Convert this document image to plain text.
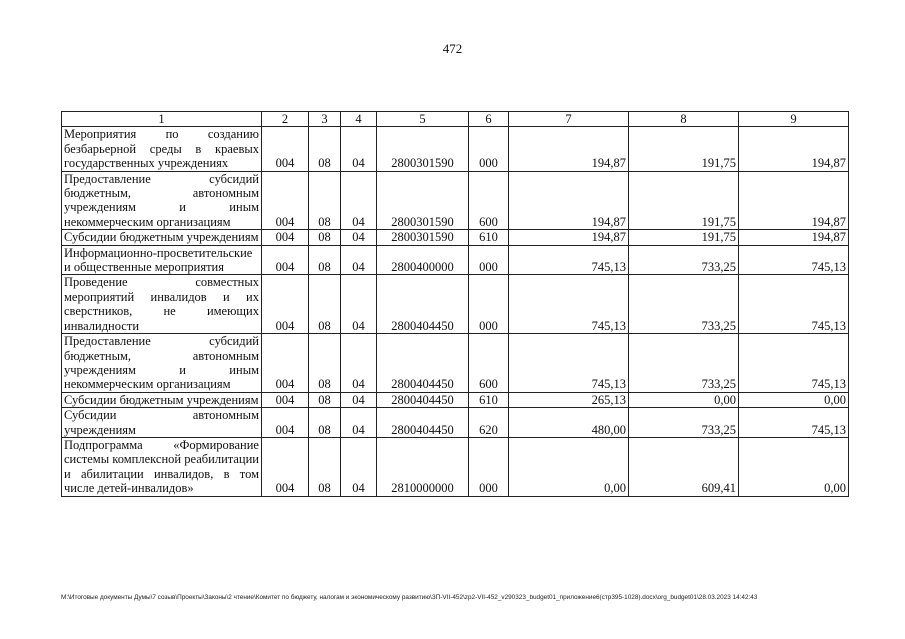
472
1	2	3	4	5	6	7	8	9
Мероприятия по созданию безбарьерной среды в краевых государственных учреждениях	004	08	04	2800301590	000	194,87	191,75	194,87
Предоставление субсидий бюджетным, автономным учреждениям и иным некоммерческим организациям	004	08	04	2800301590	600	194,87	191,75	194,87
Субсидии бюджетным учреждениям	004	08	04	2800301590	610	194,87	191,75	194,87
Информационно-просветительские и общественные мероприятия	004	08	04	2800400000	000	745,13	733,25	745,13
Проведение совместных мероприятий инвалидов и их сверстников, не имеющих инвалидности	004	08	04	2800404450	000	745,13	733,25	745,13
Предоставление субсидий бюджетным, автономным учреждениям и иным некоммерческим организациям	004	08	04	2800404450	600	745,13	733,25	745,13
Субсидии бюджетным учреждениям	004	08	04	2800404450	610	265,13	0,00	0,00
Субсидии автономным учреждениям	004	08	04	2800404450	620	480,00	733,25	745,13
Подпрограмма «Формирование системы комплексной реабилитации и абилитации инвалидов, в том числе детей-инвалидов»	004	08	04	2810000000	000	0,00	609,41	0,00
M:\Итоговые документы Думы\7 созыв\Проекты\Законы\2 чтение\Комитет по бюджету, налогам и экономическому развитию\ЗП-VII-452\zp2-VII-452_v290323_budget01_приложение6(стр395-1028).docx\org_budget01\28.03.2023 14:42:43
